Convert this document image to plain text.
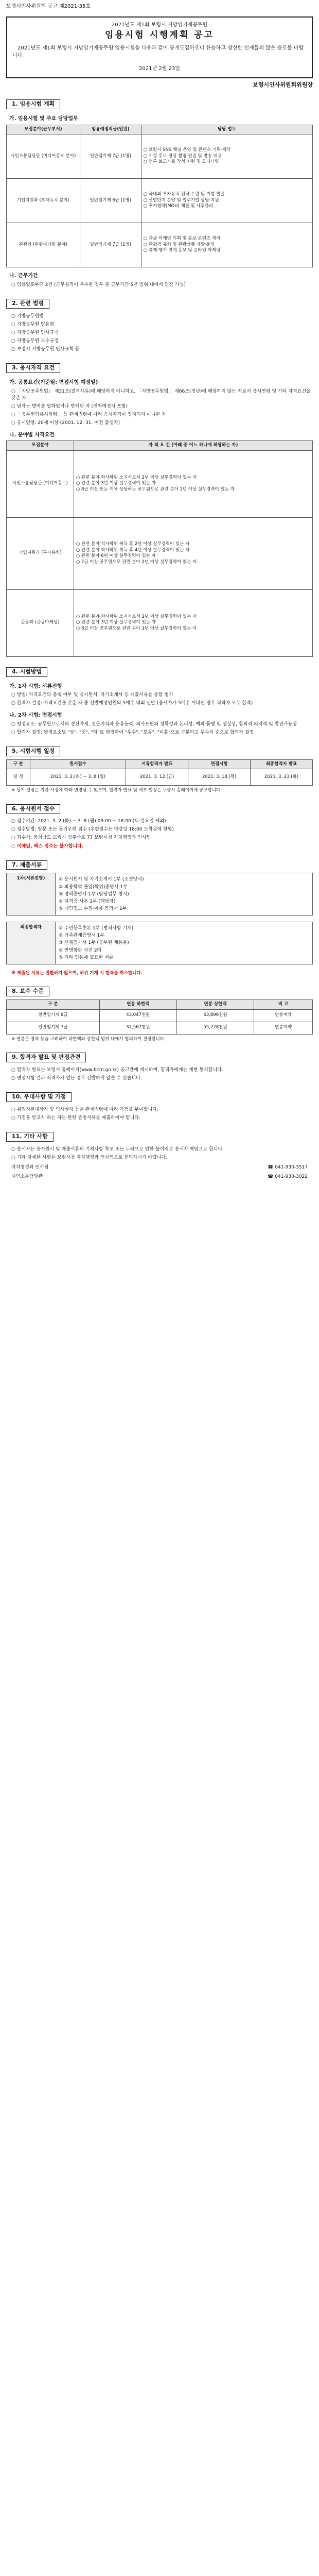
보령시인사위원회 공고 제2021-35호
2021년도 제1회 보령시 지방임기제공무원
임용시험 시행계획 공고
2021년도 제1회 보령시 지방임기제공무원 임용시험을 다음과 같이 공개모집하오니 유능하고 참신한 인재들의 많은 응모를 바랍니다.
2021년 2월 23일
보령시인사위원회위원장
1. 임용시험 계획
가. 임용시험 및 주요 담당업무
모집분야(근무부서)	임용예정직급(인원)	담당 업무
시민소통담당관 (미디어홍보 분야)	일반임기제 7급 (1명)	○ 보령시 SNS 채널 운영 및 콘텐츠 기획·제작
○ 시정 홍보 영상 촬영·편집 및 방송 대응
○ 언론 보도자료 작성 지원 및 모니터링
기업지원과 (투자유치 분야)	일반임기제 6급 (1명)	○ 국내외 투자유치 전략 수립 및 기업 발굴
○ 산업단지 분양 및 입주기업 상담·지원
○ 투자협약(MOU) 체결 및 사후관리
관광과 (관광마케팅 분야)	일반임기제 7급 (1명)	○ 관광 마케팅 기획 및 홍보 콘텐츠 제작
○ 관광객 유치 및 관광상품 개발·운영
○ 축제·행사 연계 홍보 및 온라인 마케팅
나. 근무기간
○ 임용일로부터 2년 (근무실적이 우수한 경우 총 근무기간 5년 범위 내에서 연장 가능)
2. 관련 법령
○ 지방공무원법
○ 지방공무원 임용령
○ 지방공무원 인사규칙
○ 지방공무원 보수규정
○ 보령시 지방공무원 인사규칙 등
3. 응시자격 요건
가. 공통요건(기준일: 면접시험 예정일)
○ 「지방공무원법」 제31조(결격사유)에 해당하지 아니하고, 「지방공무원법」 제66조(정년)에 해당하지 않는 자로서 응시연령 및 기타 자격요건을 갖춘 자
○ 남자는 병역을 필하였거나 면제된 자 (전역예정자 포함)
○ 「공무원임용시험령」 등 관계법령에 따라 응시자격이 정지되지 아니한 자
○ 응시연령: 20세 이상 (2001. 12. 31. 이전 출생자)
나. 분야별 자격요건
모집분야	자 격 요 건 (아래 중 어느 하나에 해당하는 자)
시민소통담당관 (미디어홍보)	○ 관련 분야 학사학위 소지자로서 2년 이상 실무경력이 있는 자
○ 관련 분야 3년 이상 실무경력이 있는 자
○ 8급 이상 또는 이에 상당하는 공무원으로 관련 분야 1년 이상 실무경력이 있는 자
기업지원과 (투자유치)	○ 관련 분야 석사학위 취득 후 2년 이상 실무경력이 있는 자
○ 관련 분야 학사학위 취득 후 4년 이상 실무경력이 있는 자
○ 관련 분야 6년 이상 실무경력이 있는 자
○ 7급 이상 공무원으로 관련 분야 2년 이상 실무경력이 있는 자
관광과 (관광마케팅)	○ 관련 분야 학사학위 소지자로서 2년 이상 실무경력이 있는 자
○ 관련 분야 3년 이상 실무경력이 있는 자
○ 8급 이상 공무원으로 관련 분야 1년 이상 실무경력이 있는 자
4. 시험방법
가. 1차 시험: 서류전형
○ 방법: 자격요건의 충족 여부 및 응시원서, 자기소개서 등 제출서류를 종합 평가
○ 합격자 결정: 자격요건을 갖춘 자 중 선발예정인원의 5배수 내외 선발 (응시자가 5배수 이내인 경우 적격자 모두 합격)
나. 2차 시험: 면접시험
○ 평정요소: 공무원으로서의 정신자세, 전문지식과 응용능력, 의사표현의 정확성과 논리성, 예의·품행 및 성실성, 창의력·의지력 및 발전가능성
○ 합격자 결정: 평정요소별 "상", "중", "하"로 평정하여 "우수", "보통", "미흡"으로 구분하고 우수자 순으로 합격자 결정
5. 시험시행 일정
구 분	원서접수	서류합격자 발표	면접시험	최종합격자 발표
일 정	2021. 3. 2.(화) ~ 3. 8.(월)	2021. 3. 12.(금)	2021. 3. 18.(목)	2021. 3. 23.(화)
※ 상기 일정은 기관 사정에 따라 변경될 수 있으며, 합격자 발표 및 세부 일정은 보령시 홈페이지에 공고합니다.
6. 응시원서 접수
○ 접수기간: 2021. 3. 2.(화) ~ 3. 8.(월) 09:00 ~ 18:00 (토·일요일 제외)
○ 접수방법: 방문 또는 등기우편 접수 (우편접수는 마감일 18:00 도착분에 한함)
○ 접수처: 충청남도 보령시 성주산로 77 보령시청 자치행정과 인사팀
○ 이메일, 팩스 접수는 불가합니다.
7. 제출서류
1차(서류전형)	① 응시원서 및 자기소개서 1부 (소정양식)
② 최종학력 졸업(학위)증명서 1부
③ 경력증명서 1부 (담당업무 명시)
④ 자격증 사본 1부 (해당자)
⑤ 개인정보 수집·이용 동의서 1부
최종합격자	① 주민등록초본 1부 (병적사항 기재)
② 가족관계증명서 1부
③ 신체검사서 1부 (공무원 채용용)
④ 반명함판 사진 2매
⑤ 기타 임용에 필요한 서류
※ 제출된 서류는 반환하지 않으며, 허위 기재 시 합격을 취소합니다.
8. 보수 수준
구 분	연봉 하한액	연봉 상한액	비 고
일반임기제 6급	43,047천원	63,896천원	연봉계약
일반임기제 7급	37,567천원	55,778천원	연봉계약
※ 연봉은 경력 등을 고려하여 하한액과 상한액 범위 내에서 협의하여 결정합니다.
9. 합격자 발표 및 판정관련
○ 합격자 발표는 보령시 홈페이지(www.brcn.go.kr) 공고란에 게시하며, 합격자에게는 개별 통지합니다.
○ 면접시험 결과 적격자가 없는 경우 선발하지 않을 수 있습니다.
10. 우대사항 및 가점
○ 취업지원대상자 및 의사상자 등은 관계법령에 따라 가점을 부여합니다.
○ 가점을 받고자 하는 자는 관련 증빙서류를 제출하여야 합니다.
11. 기타 사항
○ 응시자는 응시원서 및 제출서류의 기재사항 착오 또는 누락으로 인한 불이익은 응시자 책임으로 합니다.
○ 기타 자세한 사항은 보령시청 자치행정과 인사팀으로 문의하시기 바랍니다.
자치행정과 인사팀	☎ 041-930-3517
시민소통담당관	☎ 041-930-3022
